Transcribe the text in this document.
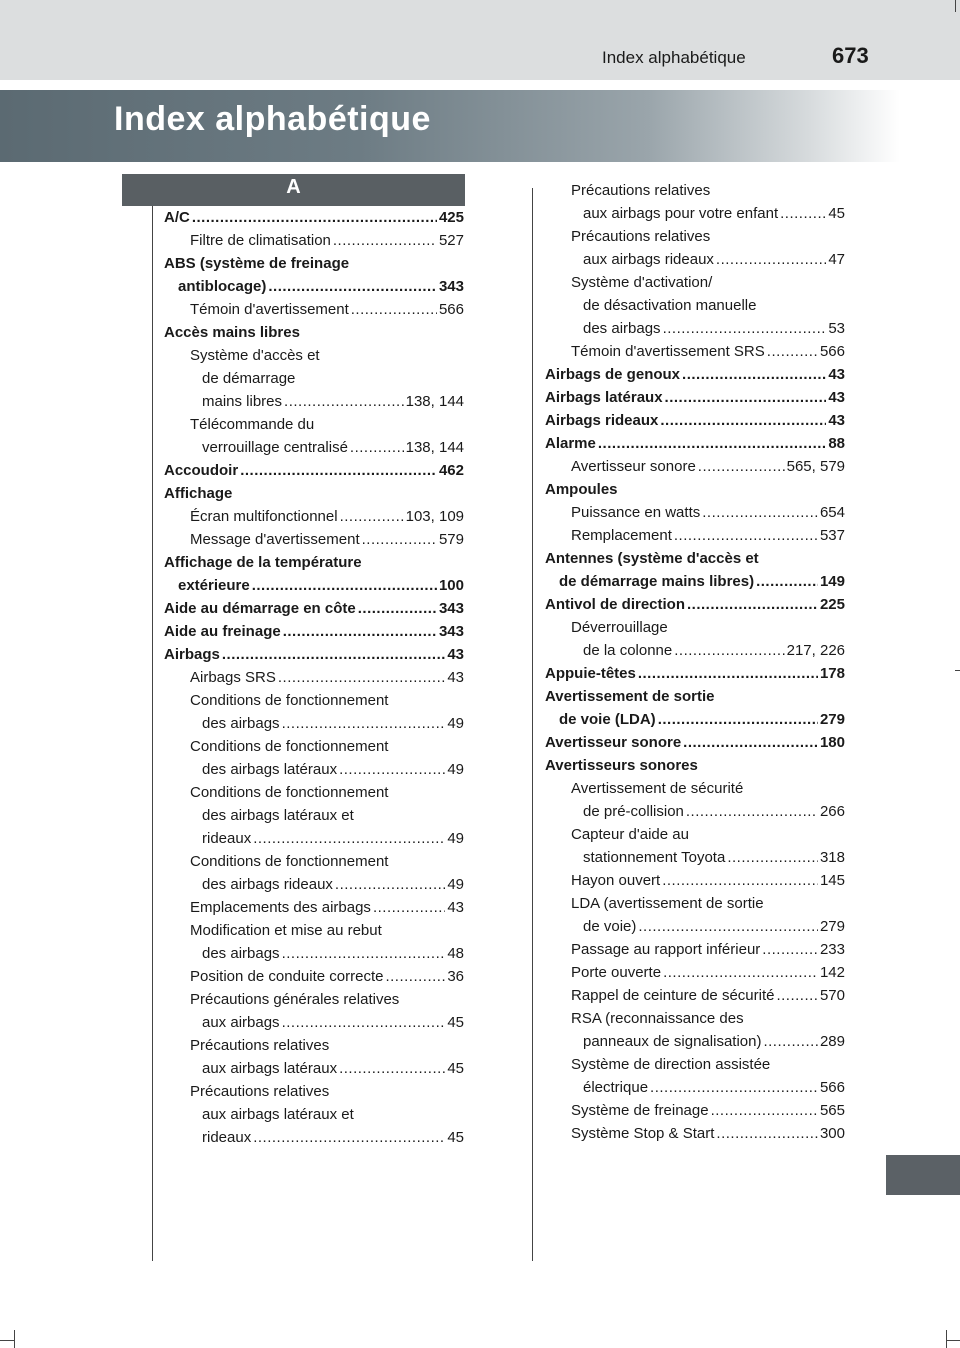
Index alphabétique	673
Index alphabétique
A
A/C .....	425
Filtre de climatisation .....	527
ABS (système de freinage
antiblocage) .....	343
Témoin d'avertissement .....	566
Accès mains libres
Système d'accès et
de démarrage
mains libres .....	138, 144
Télécommande du
verrouillage centralisé .....	138, 144
Accoudoir .....	462
Affichage
Écran multifonctionnel .....	103, 109
Message d'avertissement .....	579
Affichage de la température
extérieure .....	100
Aide au démarrage en côte .....	343
Aide au freinage .....	343
Airbags .....	43
Airbags SRS .....	43
Conditions de fonctionnement
des airbags .....	49
Conditions de fonctionnement
des airbags latéraux .....	49
Conditions de fonctionnement
des airbags latéraux et
rideaux .....	49
Conditions de fonctionnement
des airbags rideaux .....	49
Emplacements des airbags .....	43
Modification et mise au rebut
des airbags .....	48
Position de conduite correcte .....	36
Précautions générales relatives
aux airbags .....	45
Précautions relatives
aux airbags latéraux .....	45
Précautions relatives
aux airbags latéraux et
rideaux .....	45
Précautions relatives
aux airbags pour votre enfant .....	45
Précautions relatives
aux airbags rideaux .....	47
Système d'activation/
de désactivation manuelle
des airbags .....	53
Témoin d'avertissement SRS .....	566
Airbags de genoux .....	43
Airbags latéraux .....	43
Airbags rideaux .....	43
Alarme .....	88
Avertisseur sonore .....	565, 579
Ampoules
Puissance en watts .....	654
Remplacement .....	537
Antennes (système d'accès et
de démarrage mains libres) .....	149
Antivol de direction .....	225
Déverrouillage
de la colonne .....	217, 226
Appuie-têtes .....	178
Avertissement de sortie
de voie (LDA) .....	279
Avertisseur sonore .....	180
Avertisseurs sonores
Avertissement de sécurité
de pré-collision .....	266
Capteur d'aide au
stationnement Toyota .....	318
Hayon ouvert .....	145
LDA (avertissement de sortie
de voie) .....	279
Passage au rapport inférieur .....	233
Porte ouverte .....	142
Rappel de ceinture de sécurité .....	570
RSA (reconnaissance des
panneaux de signalisation) .....	289
Système de direction assistée
électrique .....	566
Système de freinage .....	565
Système Stop & Start .....	300
